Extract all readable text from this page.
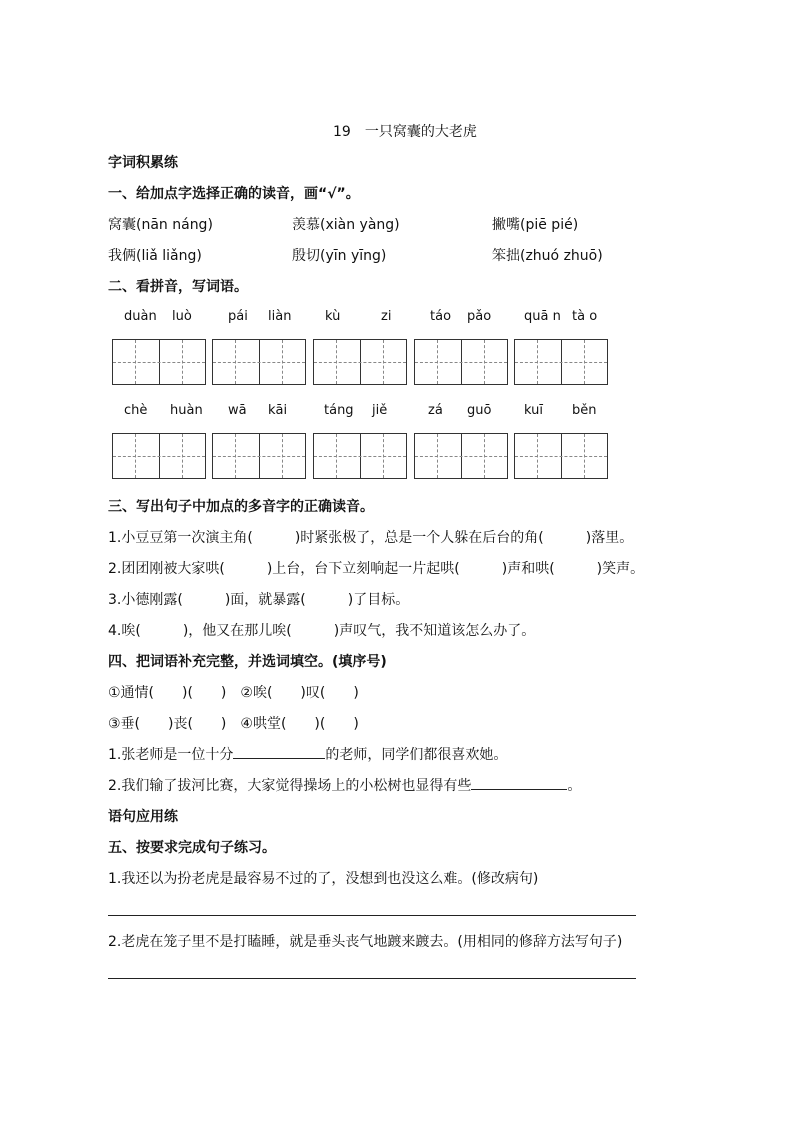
19　一只窝囊的大老虎
字词积累练
一、给加点字选择正确的读音，画“√”。
窝囊(nān náng)	羡慕(xiàn yàng)	撇嘴(piē pié)
我俩(liǎ liǎng)	殷切(yīn yīng)	笨拙(zhuó zhuō)
二、看拼音，写词语。
duàn luò	pái liàn	kù	zi	táo pǎo	quā n tà o
chè huàn wā kāi	táng jiě	zá guō	kuī běn
三、写出句子中加点的多音字的正确读音。
1.小豆豆第一次演主角(　　　)时紧张极了，总是一个人躲在后台的角(　　　)落里。
2.团团刚被大家哄(　　　)上台，台下立刻响起一片起哄(　　　)声和哄(　　　)笑声。
3.小德刚露(　　　)面，就暴露(　　　)了目标。
4.唉(　　　)，他又在那儿唉(　　　)声叹气，我不知道该怎么办了。
四、把词语补充完整，并选词填空。(填序号)
①通情(　　)(　　)　②唉(　　)叹(　　)
③垂(　　)丧(　　)　④哄堂(　　)(　　)
1.张老师是一位十分	的老师，同学们都很喜欢她。
2.我们输了拔河比赛，大家觉得操场上的小松树也显得有些	。
语句应用练
五、按要求完成句子练习。
1.我还以为扮老虎是最容易不过的了，没想到也没这么难。(修改病句)
2.老虎在笼子里不是打瞌睡，就是垂头丧气地踱来踱去。(用相同的修辞方法写句子)
